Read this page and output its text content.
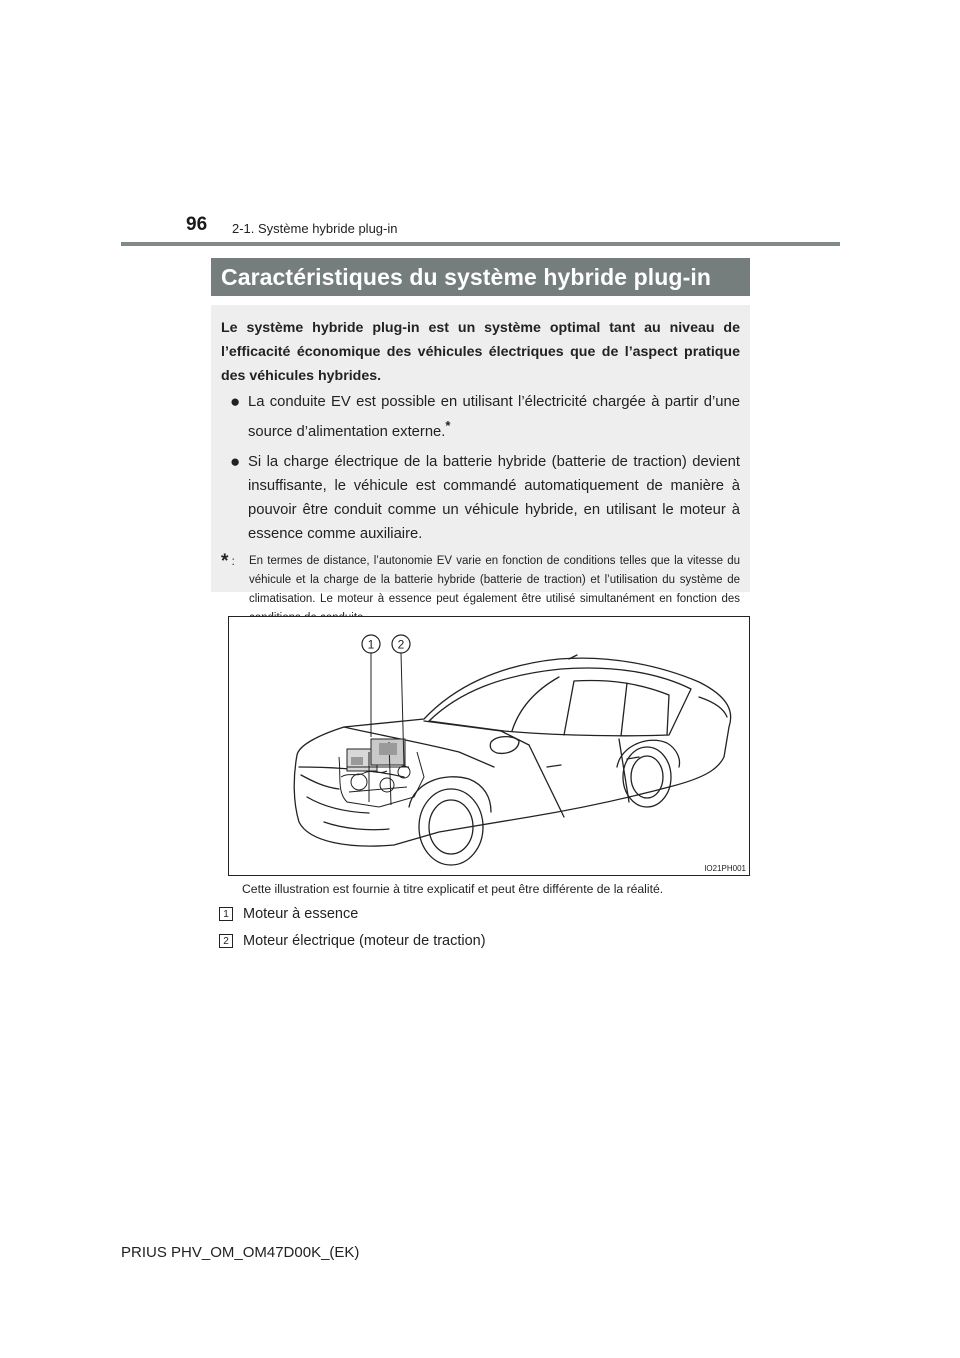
96 2-1. Système hybride plug-in
Caractéristiques du système hybride plug-in

Le système hybride plug-in est un système optimal tant au niveau de l’efficacité économique des véhicules électriques que de l’aspect pratique des véhicules hybrides.

● La conduite EV est possible en utilisant l’électricité chargée à partir d’une source d’alimentation externe.*
● Si la charge électrique de la batterie hybride (batterie de traction) devient insuffisante, le véhicule est commandé automatiquement de manière à pouvoir être conduit comme un véhicule hybride, en utilisant le moteur à essence comme auxiliaire.
* :	En termes de distance, l’autonomie EV varie en fonction de conditions telles que la vitesse du véhicule et la charge de la batterie hybride (batterie de traction) et l’utilisation du système de climatisation. Le moteur à essence peut également être utilisé simultanément en fonction des
1 2
IO21PH001
Cette illustration est fournie à titre explicatif et peut être différente de la réalité.
1 Moteur à essence
2 Moteur électrique (moteur de traction)
PRIUS PHV_OM_OM47D00K_(EK)
